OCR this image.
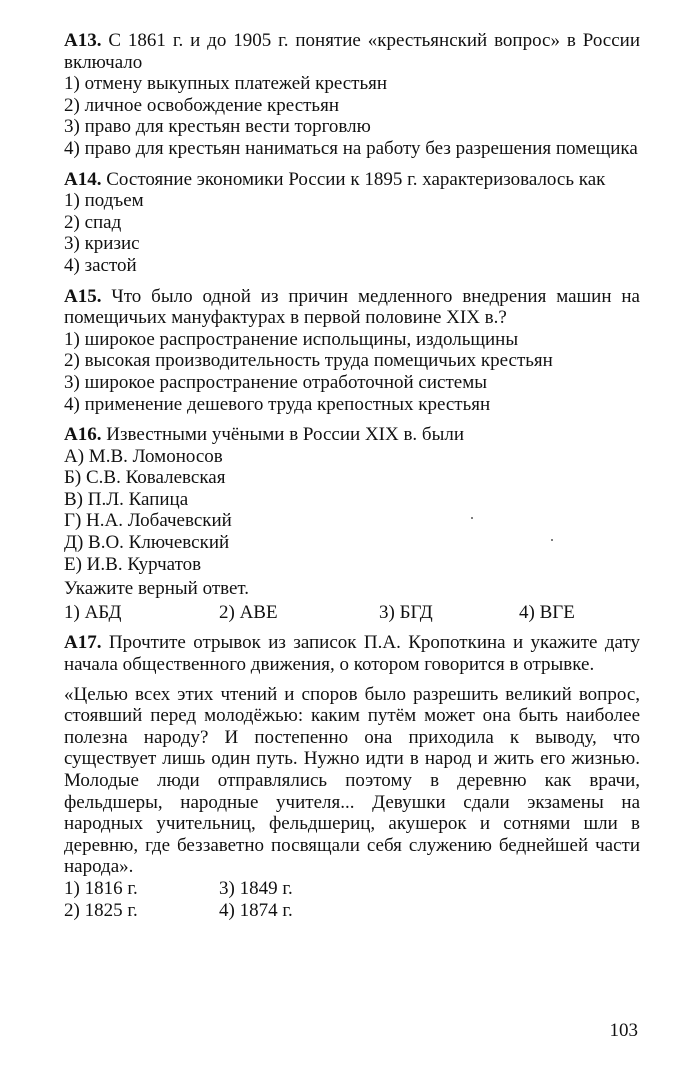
А13. С 1861 г. и до 1905 г. понятие «крестьянский вопрос» в России включало

1) отмену выкупных платежей крестьян

2) личное освобождение крестьян

3) право для крестьян вести торговлю

4) право для крестьян наниматься на работу без разрешения помещика

А14. Состояние экономики России к 1895 г. характеризовалось как

1) подъем

2) спад

3) кризис

4) застой

А15. Что было одной из причин медленного внедрения машин на помещичьих мануфактурах в первой половине XIX в.?

1) широкое распространение испольщины, издольщины

2) высокая производительность труда помещичьих крестьян

3) широкое распространение отработочной системы

4) применение дешевого труда крепостных крестьян

А16. Известными учёными в России XIX в. были

А) М.В. Ломоносов

Б) С.В. Ковалевская

В) П.Л. Капица

Г) Н.А. Лобачевский

Д) В.О. Ключевский

Е) И.В. Курчатов

Укажите верный ответ.

1) АБД	2) АВЕ	3) БГД	4) ВГЕ

А17. Прочтите отрывок из записок П.А. Кропоткина и укажите дату начала общественного движения, о котором говорится в отрывке.

«Целью всех этих чтений и споров было разрешить великий вопрос, стоявший перед молодёжью: каким путём может она быть наиболее полезна народу? И постепенно она приходила к выводу, что существует лишь один путь. Нужно идти в народ и жить его жизнью. Молодые люди отправлялись поэтому в деревню как врачи, фельдшеры, народные учителя... Девушки сдали экзамены на народных учительниц, фельдшериц, акушерок и сотнями шли в деревню, где беззаветно посвящали себя служению беднейшей части народа».

1) 1816 г.	3) 1849 г.
2) 1825 г.	4) 1874 г.
103
